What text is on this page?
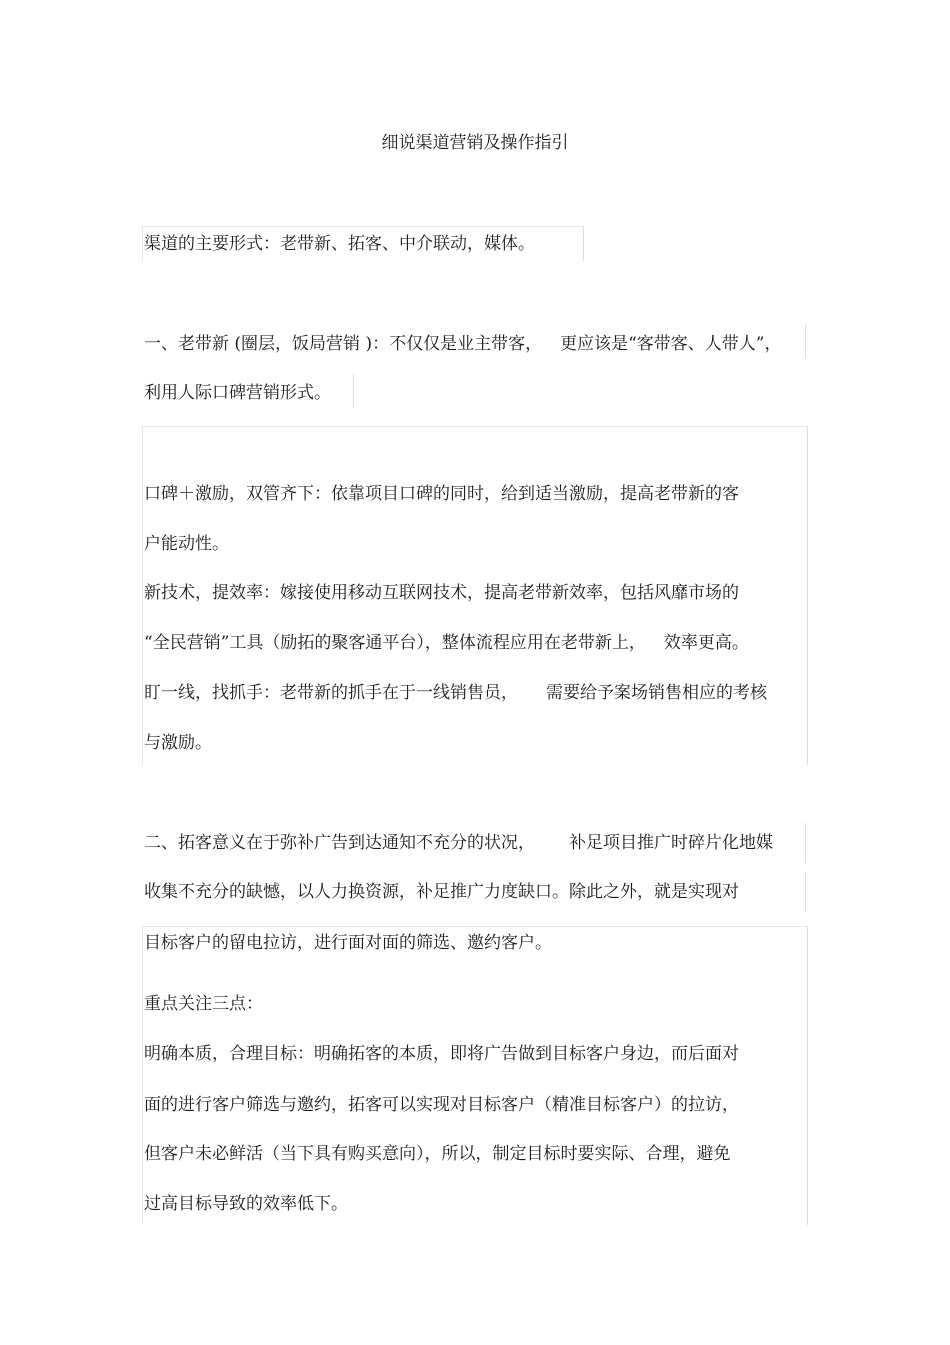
细说渠道营销及操作指引
渠道的主要形式：老带新、拓客、中介联动，媒体。
一、老带新 (圈层，饭局营销 )：不仅仅是业主带客， 更应该是“客带客、人带人”，
利用人际口碑营销形式。
口碑＋激励，双管齐下：依靠项目口碑的同时，给到适当激励，提高老带新的客
户能动性。
新技术，提效率：嫁接使用移动互联网技术，提高老带新效率，包括风靡市场的
“全民营销”工具（励拓的聚客通平台），整体流程应用在老带新上， 效率更高。
盯一线，找抓手：老带新的抓手在于一线销售员， 需要给予案场销售相应的考核
与激励。
二、拓客意义在于弥补广告到达通知不充分的状况， 补足项目推广时碎片化地媒
收集不充分的缺憾，以人力换资源，补足推广力度缺口。除此之外，就是实现对
目标客户的留电拉访，进行面对面的筛选、邀约客户。
重点关注三点：
明确本质，合理目标：明确拓客的本质，即将广告做到目标客户身边，而后面对
面的进行客户筛选与邀约，拓客可以实现对目标客户（精准目标客户）的拉访，
但客户未必鲜活（当下具有购买意向），所以，制定目标时要实际、合理，避免
过高目标导致的效率低下。
